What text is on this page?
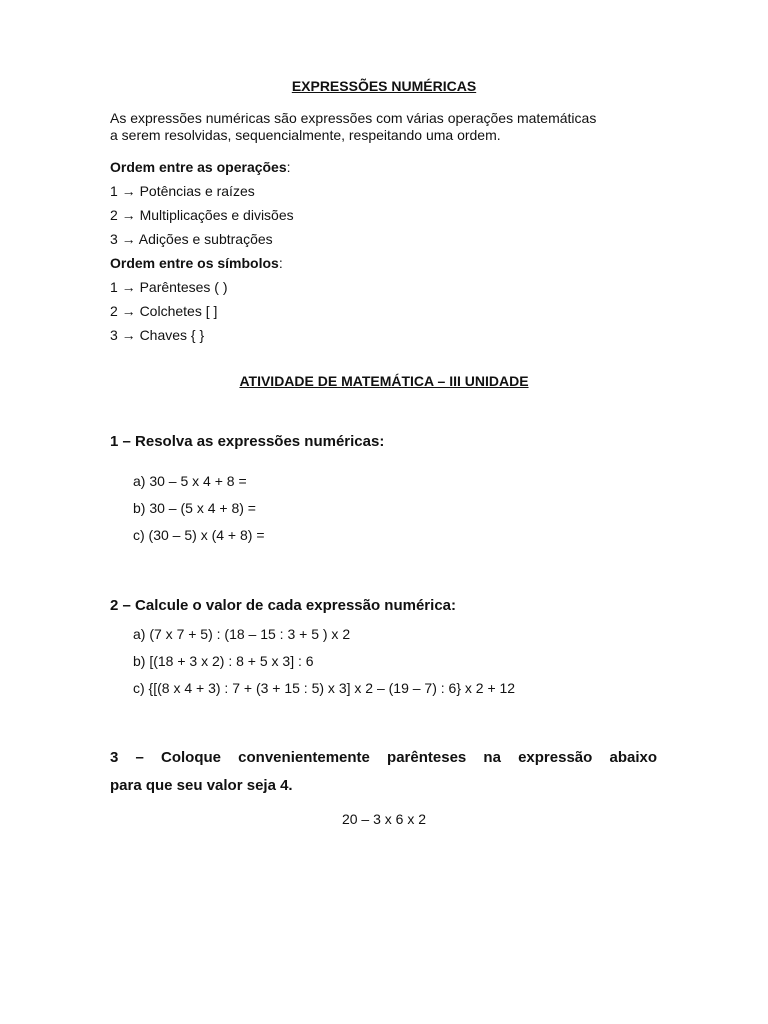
EXPRESSÕES NUMÉRICAS
As expressões numéricas são expressões com várias operações matemáticas
a serem resolvidas, sequencialmente, respeitando uma ordem.
Ordem entre as operações:
1 → Potências e raízes
2 → Multiplicações e divisões
3 → Adições e subtrações
Ordem entre os símbolos:
1 → Parênteses ( )
2 → Colchetes [ ]
3 → Chaves { }
ATIVIDADE DE MATEMÁTICA – III UNIDADE
1 – Resolva as expressões numéricas:
a) 30 – 5 x 4 + 8 =
b) 30 – (5 x 4 + 8) =
c) (30 – 5) x (4 + 8) =
2 – Calcule o valor de cada expressão numérica:
a) (7 x 7 + 5) : (18 – 15 : 3 + 5 ) x 2
b) [(18 + 3 x 2) : 8 + 5 x 3] : 6
c) {[(8 x 4 + 3) : 7 + (3 + 15 : 5) x 3] x 2 – (19 – 7) : 6} x 2 + 12
3 – Coloque convenientemente parênteses na expressão abaixo
para que seu valor seja 4.
20 – 3 x 6 x 2
